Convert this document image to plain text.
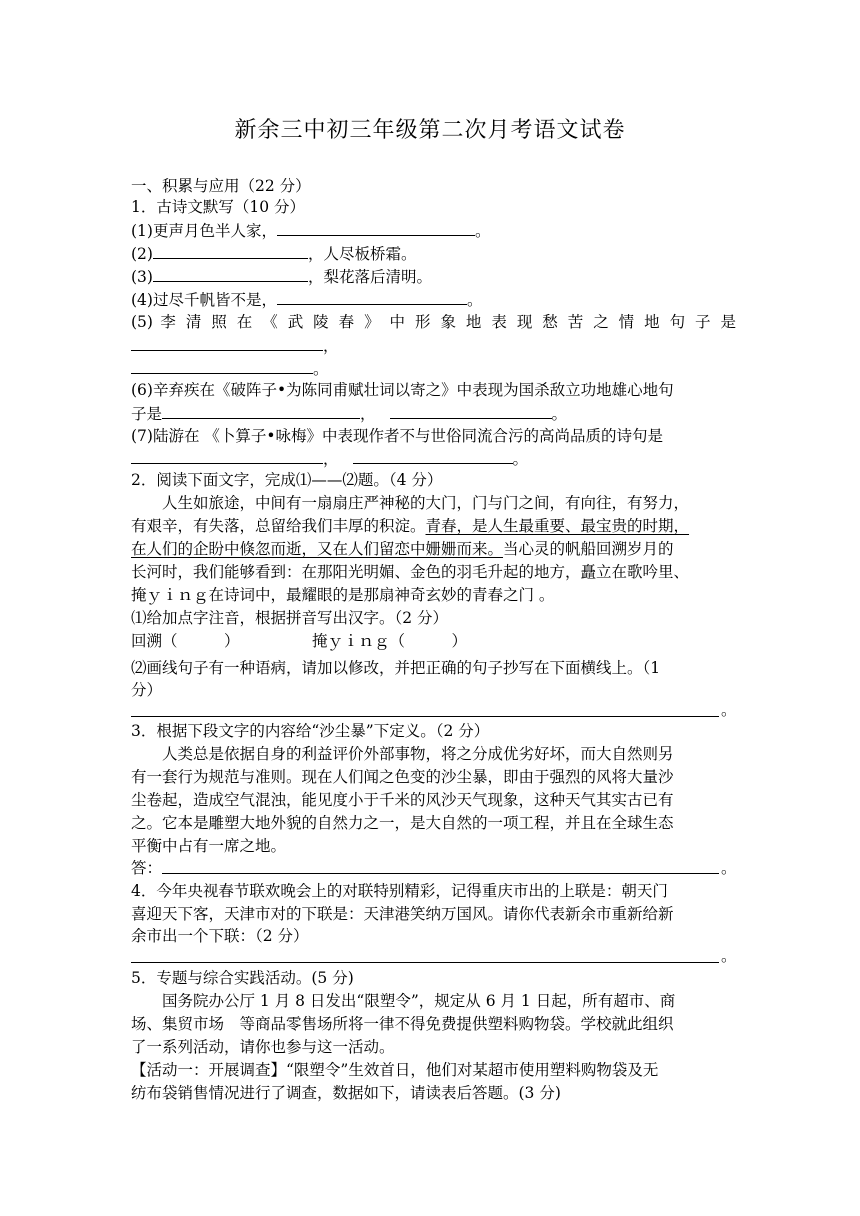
新余三中初三年级第二次月考语文试卷
一、积累与应用（22 分）
1．古诗文默写（10 分）
(1)更声月色半人家，	。
(2)	，人尽板桥霜。
(3)	，梨花落后清明。
(4)过尽千帆皆不是，	。
(5) 李 清 照 在 《 武 陵 春 》 中 形 象 地 表 现 愁 苦 之 情 地 句 子 是
，
。
(6)辛弃疾在《破阵子•为陈同甫赋壮词以寄之》中表现为国杀敌立功地雄心地句
子是	，	。
(7)陆游在 《卜算子•咏梅》中表现作者不与世俗同流合污的高尚品质的诗句是
，	。
2．阅读下面文字，完成⑴——⑵题。（4 分）
人生如旅途，中间有一扇扇庄严神秘的大门，门与门之间，有向往，有努力，
有艰辛，有失落，总留给我们丰厚的积淀。青春，是人生最重要、最宝贵的时期，
在人们的企盼中倏忽而逝，又在人们留恋中姗姗而来。当心灵的帆船回溯岁月的
长河时，我们能够看到：在那阳光明媚、金色的羽毛升起的地方，矗立在歌吟里、
掩ｙｉｎｇ在诗词中，最耀眼的是那扇神奇玄妙的青春之门 。
⑴给加点字注音，根据拼音写出汉字。（2 分）
回溯（　　　）	掩ｙｉｎｇ（　　　）
⑵画线句子有一种语病，请加以修改，并把正确的句子抄写在下面横线上。（1
分）
。
3．根据下段文字的内容给“沙尘暴”下定义。（2 分）
人类总是依据自身的利益评价外部事物，将之分成优劣好坏，而大自然则另
有一套行为规范与准则。现在人们闻之色变的沙尘暴，即由于强烈的风将大量沙
尘卷起，造成空气混浊，能见度小于千米的风沙天气现象，这种天气其实古已有
之。它本是雕塑大地外貌的自然力之一，是大自然的一项工程，并且在全球生态
平衡中占有一席之地。
答：	。
4．今年央视春节联欢晚会上的对联特别精彩，记得重庆市出的上联是：朝天门
喜迎天下客，天津市对的下联是：天津港笑纳万国风。请你代表新余市重新给新
余市出一个下联：（2 分）
。
5．专题与综合实践活动。(5 分)
国务院办公厅 1 月 8 日发出“限塑令”，规定从 6 月 1 日起，所有超市、商
场、集贸市场　等商品零售场所将一律不得免费提供塑料购物袋。学校就此组织
了一系列活动，请你也参与这一活动。
【活动一：开展调查】“限塑令”生效首日，他们对某超市使用塑料购物袋及无
纺布袋销售情况进行了调查，数据如下，请读表后答题。(3 分)
